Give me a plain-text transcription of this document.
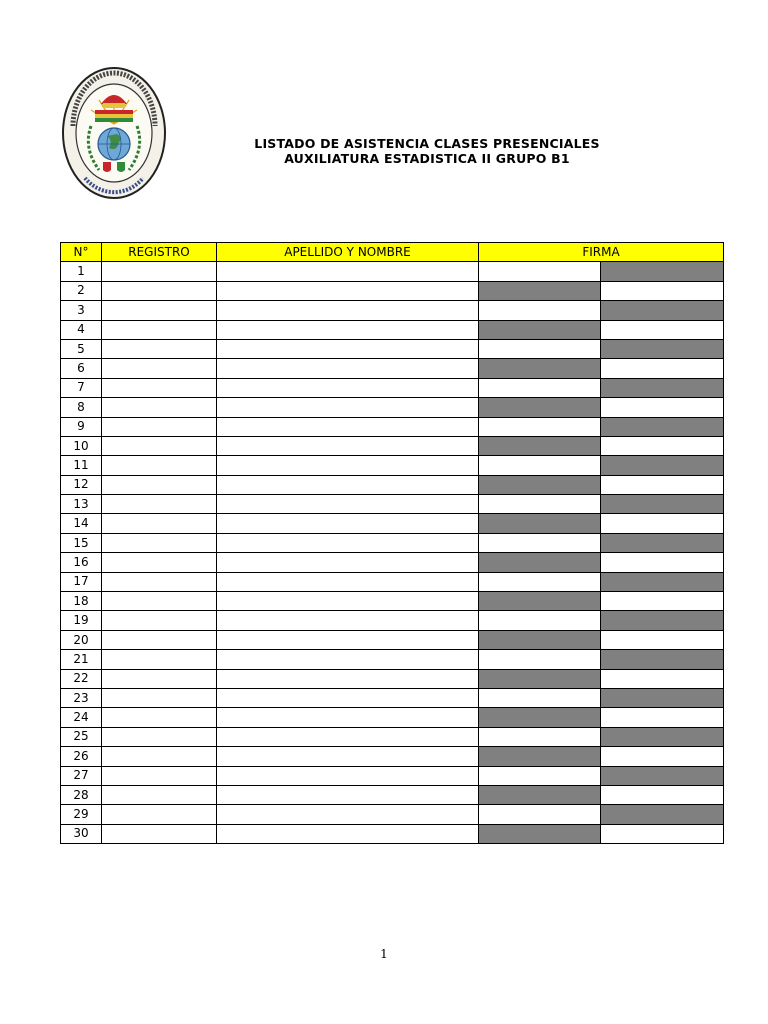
LISTADO DE ASISTENCIA CLASES PRESENCIALES
AUXILIATURA ESTADISTICA II GRUPO B1
N°	REGISTRO	APELLIDO Y NOMBRE	FIRMA	
1				
2				
3				
4				
5				
6				
7				
8				
9				
10				
11				
12				
13				
14				
15				
16				
17				
18				
19				
20				
21				
22				
23				
24				
25				
26				
27				
28				
29				
30				
1
